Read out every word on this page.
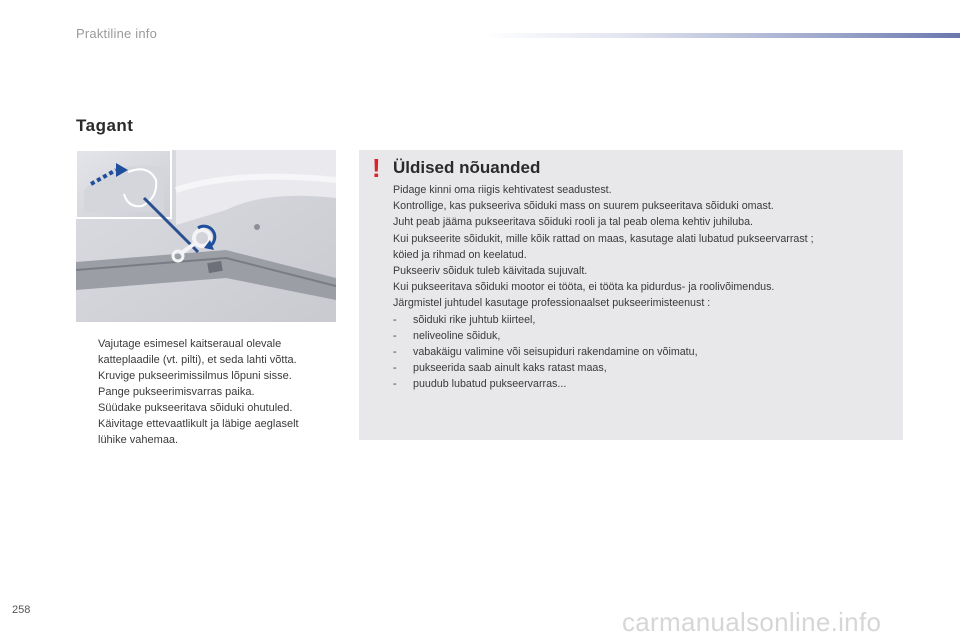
Praktiline info
Tagant
Vajutage esimesel kaitseraual olevale
katteplaadile (vt. pilti), et seda lahti võtta.
Kruvige pukseerimissilmus lõpuni sisse.
Pange pukseerimisvarras paika.
Süüdake pukseeritava sõiduki ohutuled.
Käivitage ettevaatlikult ja läbige aeglaselt
lühike vahemaa.
! Üldised nõuanded

Pidage kinni oma riigis kehtivatest seadustest.

Kontrollige, kas pukseeriva sõiduki mass on suurem pukseeritava sõiduki omast.

Juht peab jääma pukseeritava sõiduki rooli ja tal peab olema kehtiv juhiluba.

Kui pukseerite sõidukit, mille kõik rattad on maas, kasutage alati lubatud pukseervarrast ;

köied ja rihmad on keelatud.

Pukseeriv sõiduk tuleb käivitada sujuvalt.

Kui pukseeritava sõiduki mootor ei tööta, ei tööta ka pidurdus- ja roolivõimendus.

Järgmistel juhtudel kasutage professionaalset pukseerimisteenust :

- sõiduki rike juhtub kiirteel,

- neliveoline sõiduk,

- vabakäigu valimine või seisupiduri rakendamine on võimatu,

- pukseerida saab ainult kaks ratast maas,

- puudub lubatud pukseervarras...

258	carmanualsonline.info
